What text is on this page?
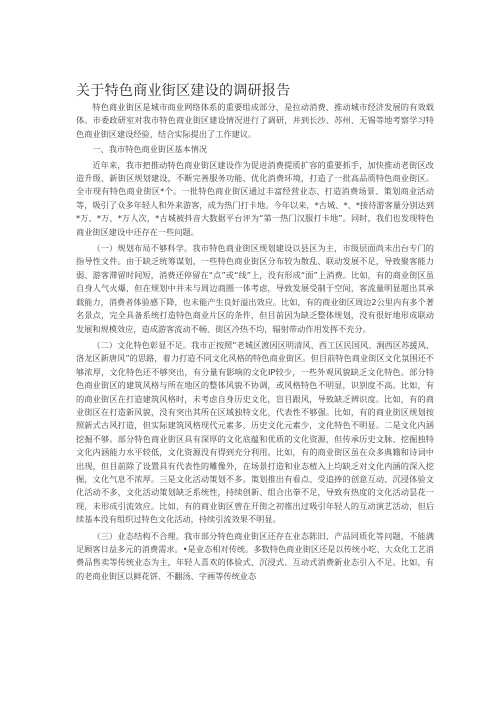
关于特色商业街区建设的调研报告

特色商业街区是城市商业网络体系的重要组成部分，是拉动消费、推动城市经济发展的有效载体。市委政研室对我市特色商业街区建设情况进行了调研，并到长沙、苏州、无锡等地考察学习特色商业街区建设经验，结合实际提出了工作建议。

一、我市特色商业街区基本情况

近年来，我市把推动特色商业街区建设作为促进消费提质扩容的重要抓手，加快推动老街区改造升级、新街区规划建设，不断完善服务功能、优化消费环境，打造了一批高品质特色商业街区。全市现有特色商业街区*个。一批特色商业街区通过丰富经营业态、打造消费场景、策划商业活动等，吸引了众多年轻人和外来游客，成为热门打卡地。今年以来，*古城、*、*接待游客量分别达到*万、*万、*万人次，*古城被抖音大数据平台评为“第一热门汉服打卡地”。同时，我们也发现特色商业街区建设中还存在一些问题。

（一）规划布局不够科学。我市特色商业街区规划建设以县区为主，市级层面尚未出台专门的指导性文件。由于缺乏统筹谋划，一些特色商业街区分布较为散乱、联动发展不足，导致聚客能力弱、游客滞留时间短，消费还停留在“点”或“线”上，没有形成“面”上消费。比如，有的商业街区虽自身人气火爆，但在规划中并未与周边商圈一体考虑，导致发展受制于空间，客流量明显超出其承载能力，消费者体验感下降，也未能产生良好溢出效应。比如，有的商业街区周边2公里内有多个著名景点，完全具备系统打造特色商业片区的条件，但目前因为缺乏整体规划，没有很好地形成联动发展和规模效应，造成游客流动不畅、街区冷热不均，辐射带动作用发挥不充分。

（二）文化特色彰显不足。我市正按照“老城区渡因区明清风、西工区民国风、涧西区苏援风、洛龙区新唐风”的思路，着力打造不同文化风格的特色商业街区。但目前特色商业街区文化氛围还不够浓厚，文化特色还不够突出，有分量有影响的文化IP较少，一些外观风貌缺乏文化特色。部分特色商业街区的建筑风格与所在地区的整体风貌不协调，或风格特色不明显，识别度不高。比如，有的商业街区在打造建筑风格时，未考虑自身历史文化，盲目跟风，导致缺乏辨识度。比如，有的商业街区在打造新风貌，没有突出其所在区域独特文化，代表性不够强。比如，有的商业街区规划按照新式古风打造，但实际建筑风格现代元素多、历史文化元素少，文化特色不明显。二是文化内涵挖掘不够。部分特色商业街区具有深厚的文化底蕴和优质的文化资源，但传承历史文脉、挖掘独特文化内涵能力水平较低，文化资源没有得到充分利用。比如，有的商业街区虽在众多典籍和诗词中出现，但目前除了设置具有代表性的雕像外，在场景打造和业态植入上均缺乏对文化内涵的深入挖掘，文化气息不浓厚。三是文化活动策划不多。策划推出有看点、受追捧的创意互动、沉浸体验文化活动不多，文化活动策划缺乏系统性，持续创新、组合出拳不足，导致有热度的文化活动昙花一现，未形成引流效应。比如，有的商业街区曾在开街之初推出过吸引年轻人的互动演艺活动，但后续基本没有组织过特色文化活动，持续引流效果不明显。

（三）业态结构不合理。我市部分特色商业街区还存在业态陈旧、产品同质化等问题，不能满足顾客日益多元的消费需求。•是业态相对传统。多数特色商业街区还是以传统小吃、大众化工艺消费品售卖等传统业态为主，年轻人喜欢的体验式、沉浸式、互动式消费新业态引入不足。比如，有的老商业街区以鲜花饼、不翻汤、字画等传统业态
